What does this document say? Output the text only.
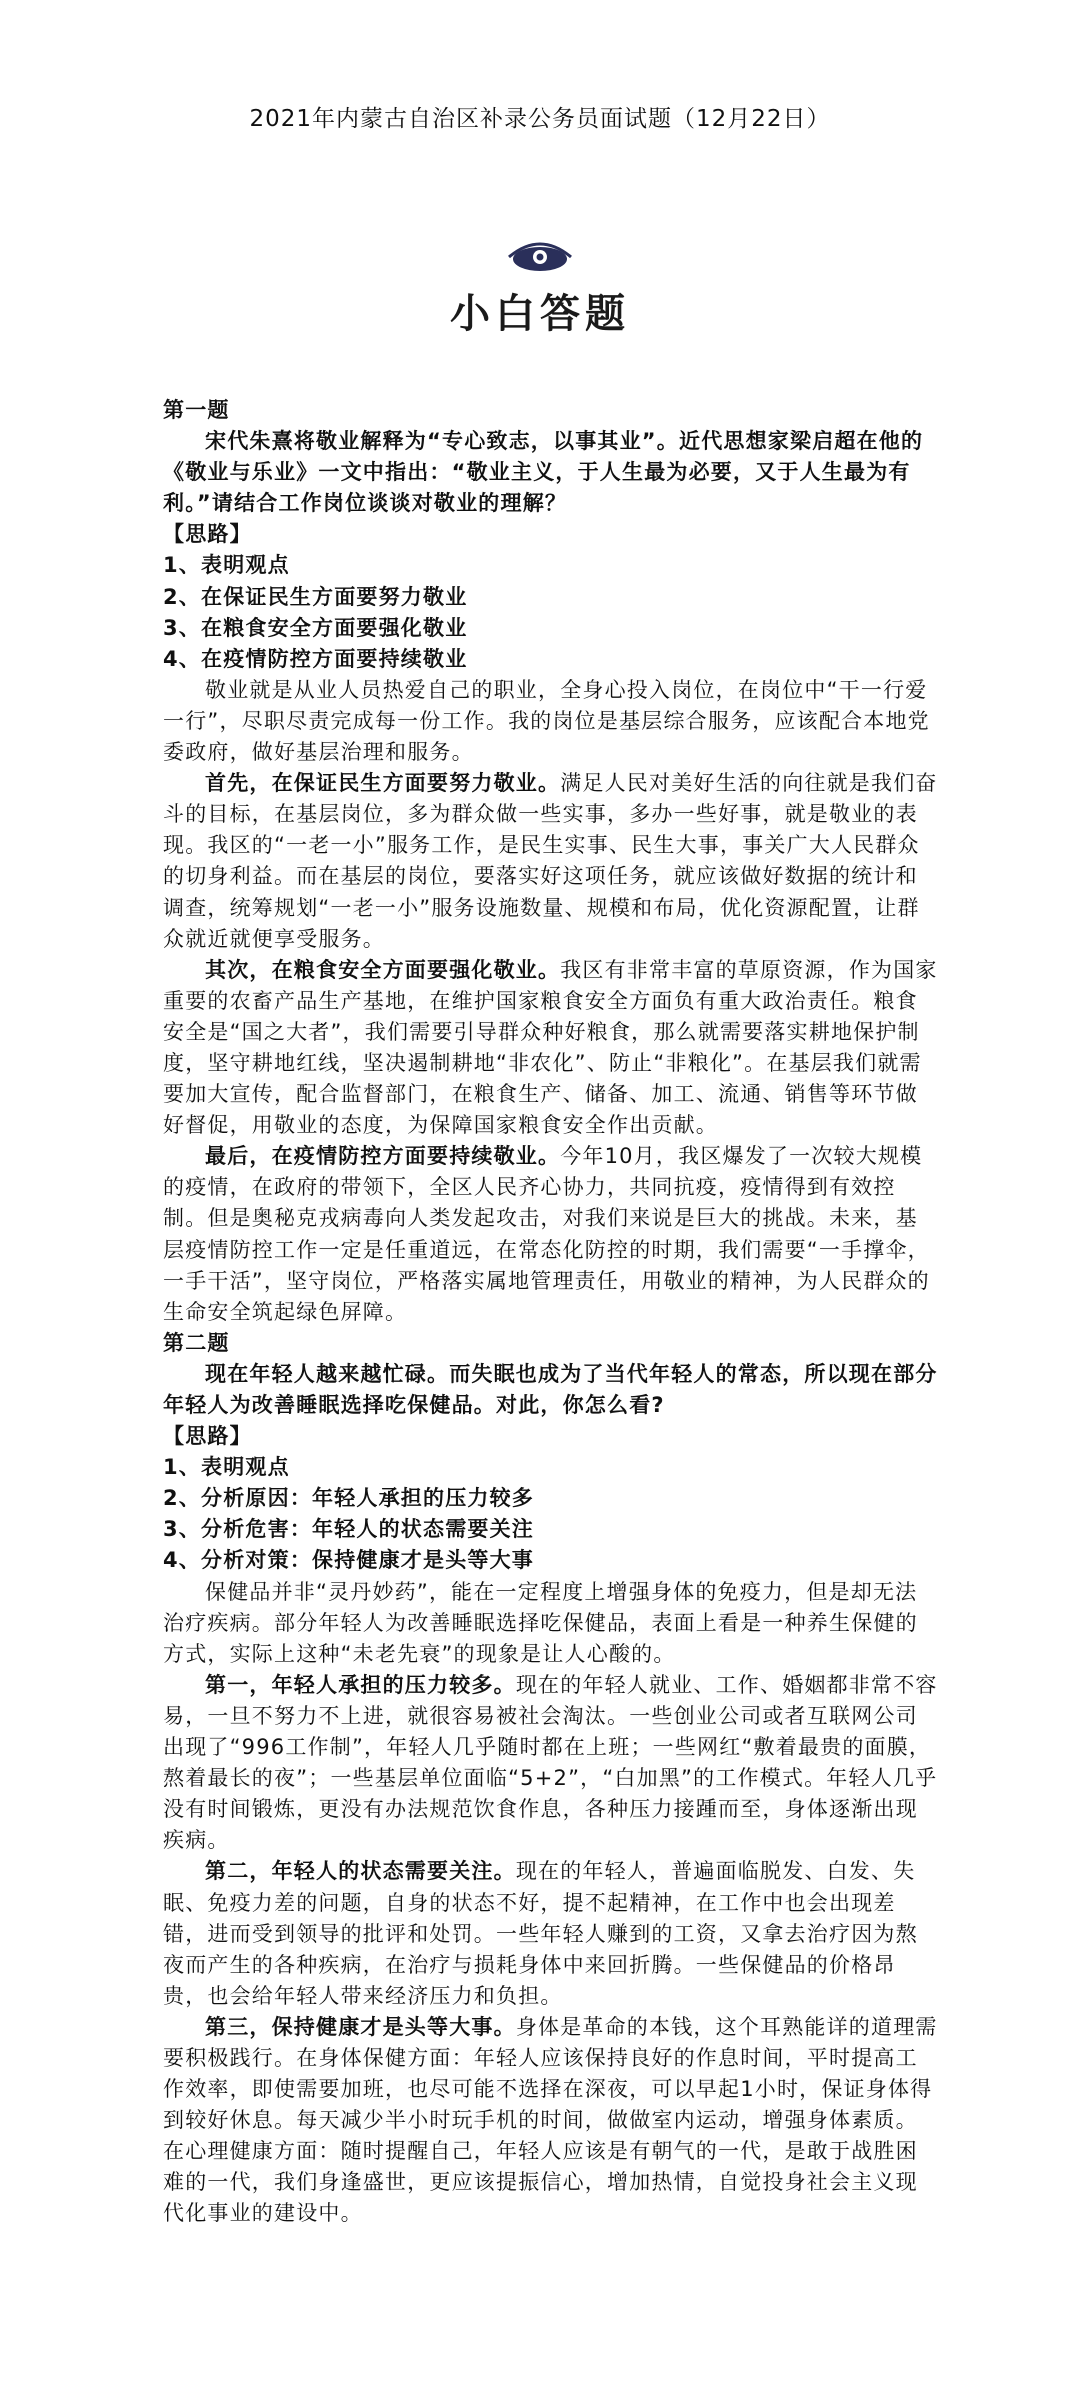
2021年内蒙古自治区补录公务员面试题（12月22日）
小白答题

第一题

宋代朱熹将敬业解释为“专心致志，以事其业”。近代思想家梁启超在他的《敬业与乐业》一文中指出：“敬业主义，于人生最为必要，又于人生最为有利。”请结合工作岗位谈谈对敬业的理解？

【思路】

1、表明观点

2、在保证民生方面要努力敬业

3、在粮食安全方面要强化敬业

4、在疫情防控方面要持续敬业

敬业就是从业人员热爱自己的职业，全身心投入岗位，在岗位中“干一行爱一行”，尽职尽责完成每一份工作。我的岗位是基层综合服务，应该配合本地党委政府，做好基层治理和服务。

首先，在保证民生方面要努力敬业。满足人民对美好生活的向往就是我们奋斗的目标，在基层岗位，多为群众做一些实事，多办一些好事，就是敬业的表现。我区的“一老一小”服务工作，是民生实事、民生大事，事关广大人民群众的切身利益。而在基层的岗位，要落实好这项任务，就应该做好数据的统计和调查，统筹规划“一老一小”服务设施数量、规模和布局，优化资源配置，让群众就近就便享受服务。

其次，在粮食安全方面要强化敬业。我区有非常丰富的草原资源，作为国家重要的农畜产品生产基地，在维护国家粮食安全方面负有重大政治责任。粮食安全是“国之大者”，我们需要引导群众种好粮食，那么就需要落实耕地保护制度，坚守耕地红线，坚决遏制耕地“非农化”、防止“非粮化”。在基层我们就需要加大宣传，配合监督部门，在粮食生产、储备、加工、流通、销售等环节做好督促，用敬业的态度，为保障国家粮食安全作出贡献。

最后，在疫情防控方面要持续敬业。今年10月，我区爆发了一次较大规模的疫情，在政府的带领下，全区人民齐心协力，共同抗疫，疫情得到有效控制。但是奥秘克戎病毒向人类发起攻击，对我们来说是巨大的挑战。未来，基层疫情防控工作一定是任重道远，在常态化防控的时期，我们需要“一手撑伞，一手干活”，坚守岗位，严格落实属地管理责任，用敬业的精神，为人民群众的生命安全筑起绿色屏障。

第二题

现在年轻人越来越忙碌。而失眠也成为了当代年轻人的常态，所以现在部分年轻人为改善睡眠选择吃保健品。对此，你怎么看?

【思路】

1、表明观点

2、分析原因：年轻人承担的压力较多

3、分析危害：年轻人的状态需要关注

4、分析对策：保持健康才是头等大事

保健品并非“灵丹妙药”，能在一定程度上增强身体的免疫力，但是却无法治疗疾病。部分年轻人为改善睡眠选择吃保健品，表面上看是一种养生保健的方式，实际上这种“未老先衰”的现象是让人心酸的。

第一，年轻人承担的压力较多。现在的年轻人就业、工作、婚姻都非常不容易，一旦不努力不上进，就很容易被社会淘汰。一些创业公司或者互联网公司出现了“996工作制”，年轻人几乎随时都在上班；一些网红“敷着最贵的面膜，熬着最长的夜”；一些基层单位面临“5+2”，“白加黑”的工作模式。年轻人几乎没有时间锻炼，更没有办法规范饮食作息，各种压力接踵而至，身体逐渐出现疾病。

第二，年轻人的状态需要关注。现在的年轻人，普遍面临脱发、白发、失眠、免疫力差的问题，自身的状态不好，提不起精神，在工作中也会出现差错，进而受到领导的批评和处罚。一些年轻人赚到的工资，又拿去治疗因为熬夜而产生的各种疾病，在治疗与损耗身体中来回折腾。一些保健品的价格昂贵，也会给年轻人带来经济压力和负担。

第三，保持健康才是头等大事。身体是革命的本钱，这个耳熟能详的道理需要积极践行。在身体保健方面：年轻人应该保持良好的作息时间，平时提高工作效率，即使需要加班，也尽可能不选择在深夜，可以早起1小时，保证身体得到较好休息。每天减少半小时玩手机的时间，做做室内运动，增强身体素质。在心理健康方面：随时提醒自己，年轻人应该是有朝气的一代，是敢于战胜困难的一代，我们身逢盛世，更应该提振信心，增加热情，自觉投身社会主义现代化事业的建设中。
